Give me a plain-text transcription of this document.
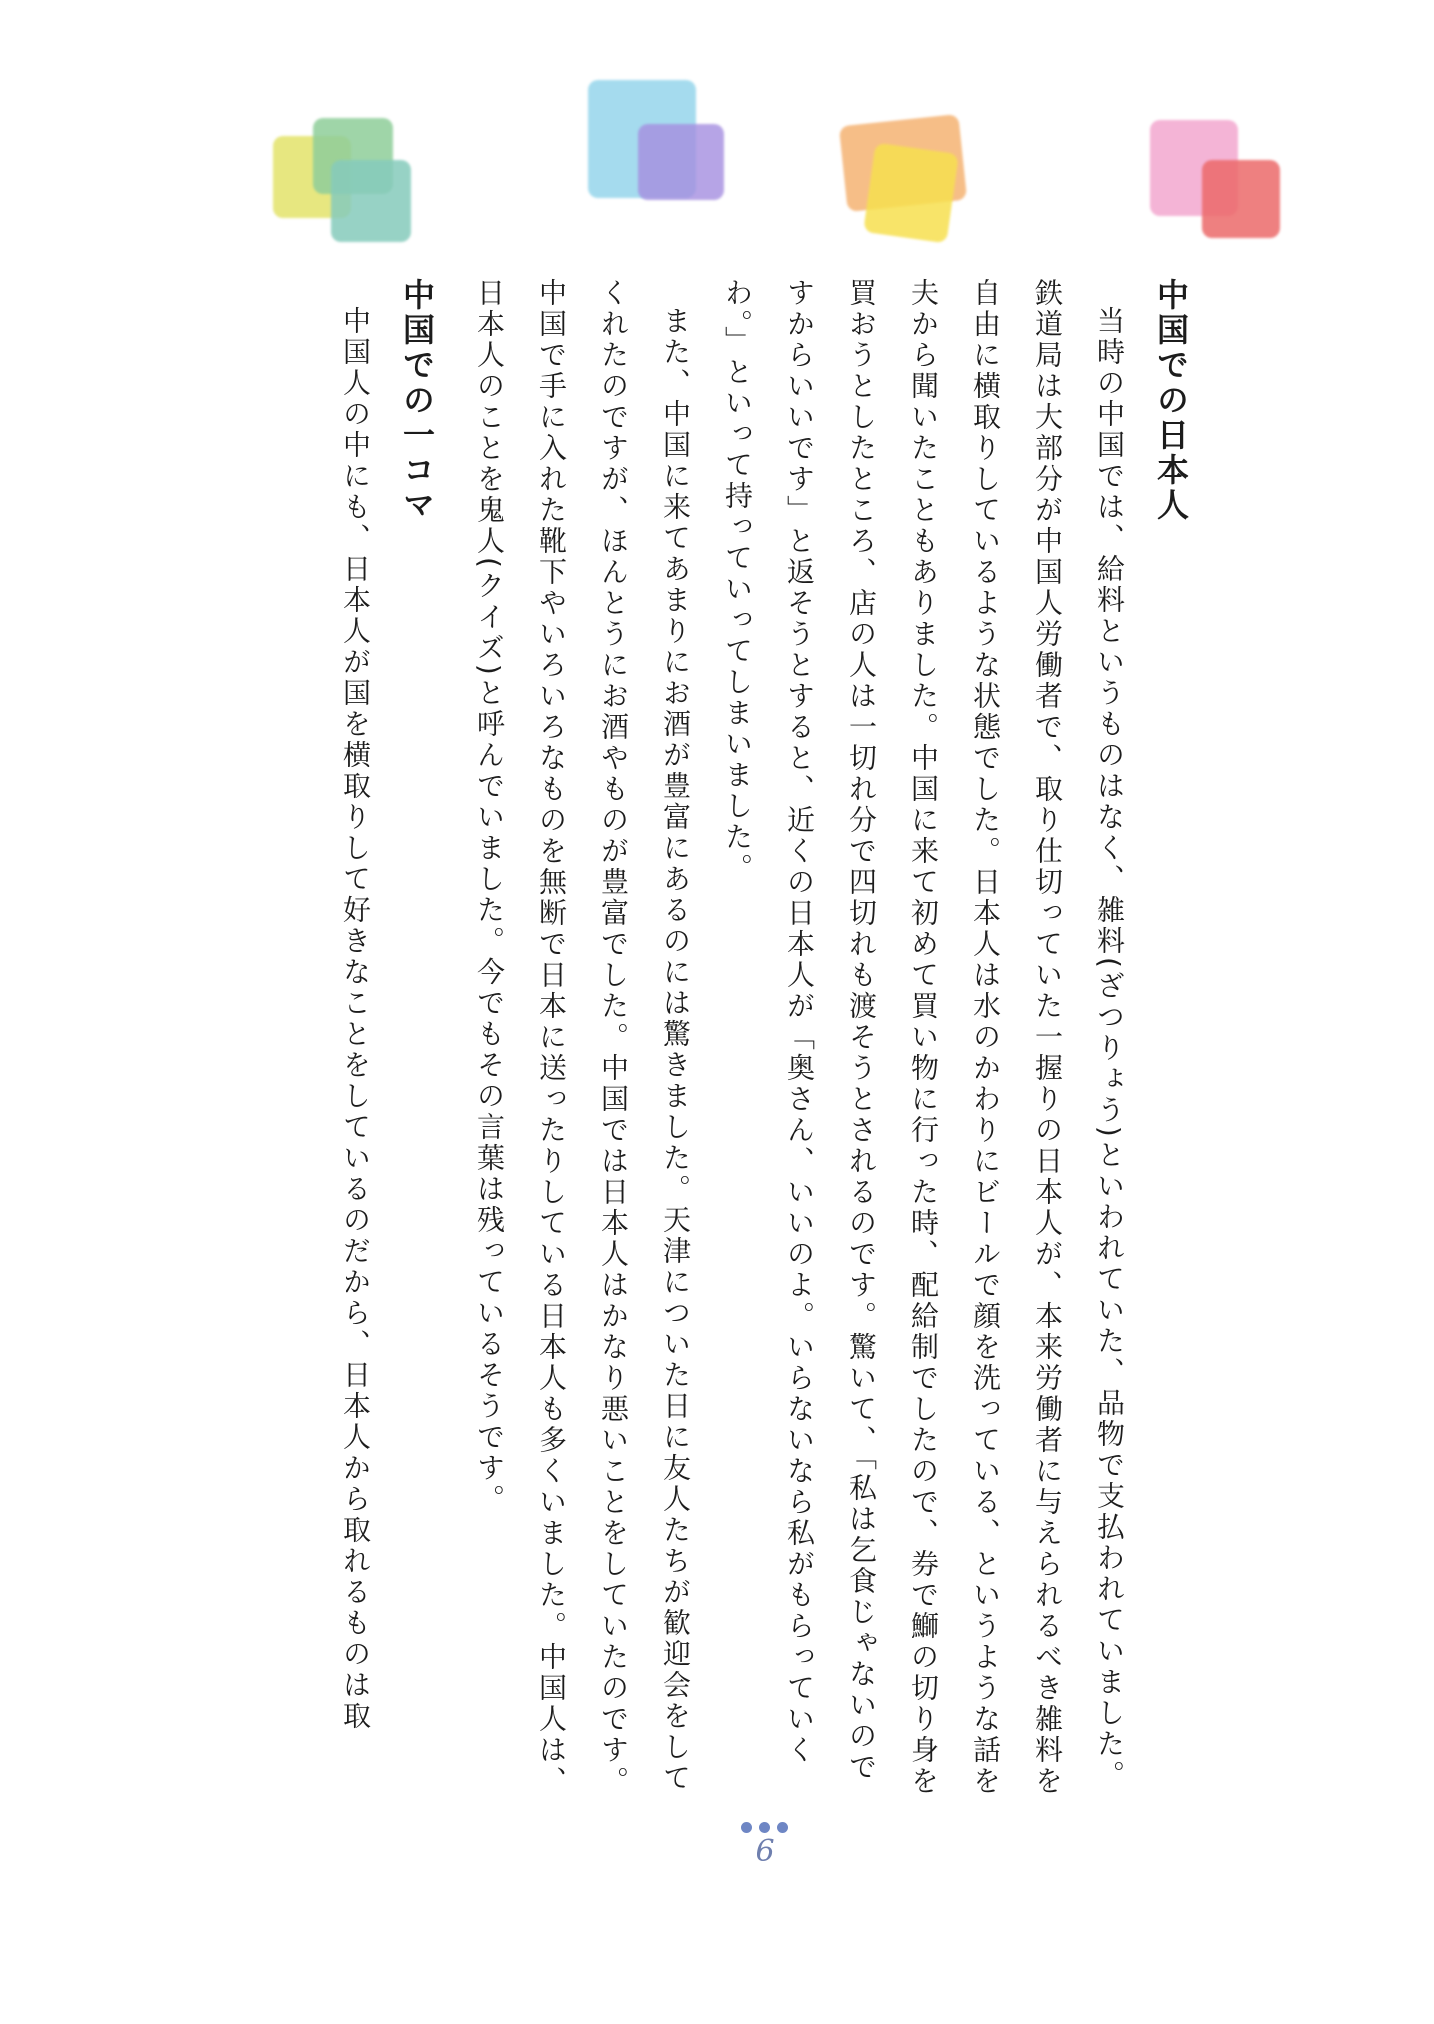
中国での日本人

当時の中国では、給料というものはなく、雑料(ざつりょう)といわれていた、品物で支払われていました。鉄道局は大部分が中国人労働者で、取り仕切っていた一握りの日本人が、本来労働者に与えられるべき雑料を自由に横取りしているような状態でした。日本人は水のかわりにビールで顔を洗っている、というような話を夫から聞いたこともありました。中国に来て初めて買い物に行った時、配給制でしたので、券で鰤の切り身を買おうとしたところ、店の人は一切れ分で四切れも渡そうとされるのです。驚いて、「私は乞食じゃないのですからいいです」と返そうとすると、近くの日本人が「奥さん、いいのよ。いらないなら私がもらっていくわ。」といって持っていってしまいました。

また、中国に来てあまりにお酒が豊富にあるのには驚きました。天津についた日に友人たちが歓迎会をしてくれたのですが、ほんとうにお酒やものが豊富でした。中国では日本人はかなり悪いことをしていたのです。中国で手に入れた靴下やいろいろなものを無断で日本に送ったりしている日本人も多くいました。中国人は、日本人のことを鬼人(クイズ)と呼んでいました。今でもその言葉は残っているそうです。

中国での一コマ

中国人の中にも、日本人が国を横取りして好きなことをしているのだから、日本人から取れるものは取

6
